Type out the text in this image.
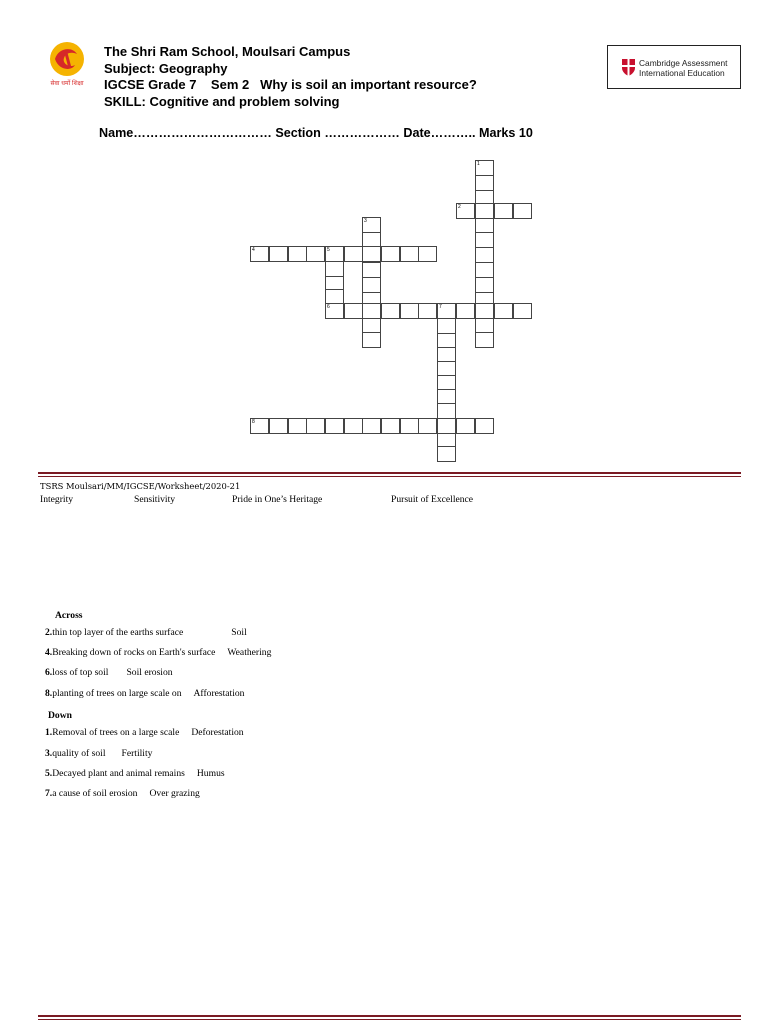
सेवा धर्मो शिक्षा
The Shri Ram School, Moulsari Campus
Subject: Geography
IGCSE Grade 7    Sem 2   Why is soil an important resource?
SKILL: Cognitive and problem solving
Cambridge Assessment
International Education
Name…………………………… Section ……………… Date……….. Marks 10
1
2
3
4	5
6	7
8
TSRS Moulsari/MM/IGCSE/Worksheet/2020-21
Integrity	Sensitivity	Pride in One’s Heritage	Pursuit of Excellence
Across
2.thin top layer of the earths surface	Soil
4.Breaking down of rocks on Earth's surface Weathering
6.loss of top soil Soil erosion
8.planting of trees on large scale on Afforestation
Down
1.Removal of trees on a large scale Deforestation
3.quality of soil Fertility
5.Decayed plant and animal remains Humus
7.a cause of soil erosion Over grazing
